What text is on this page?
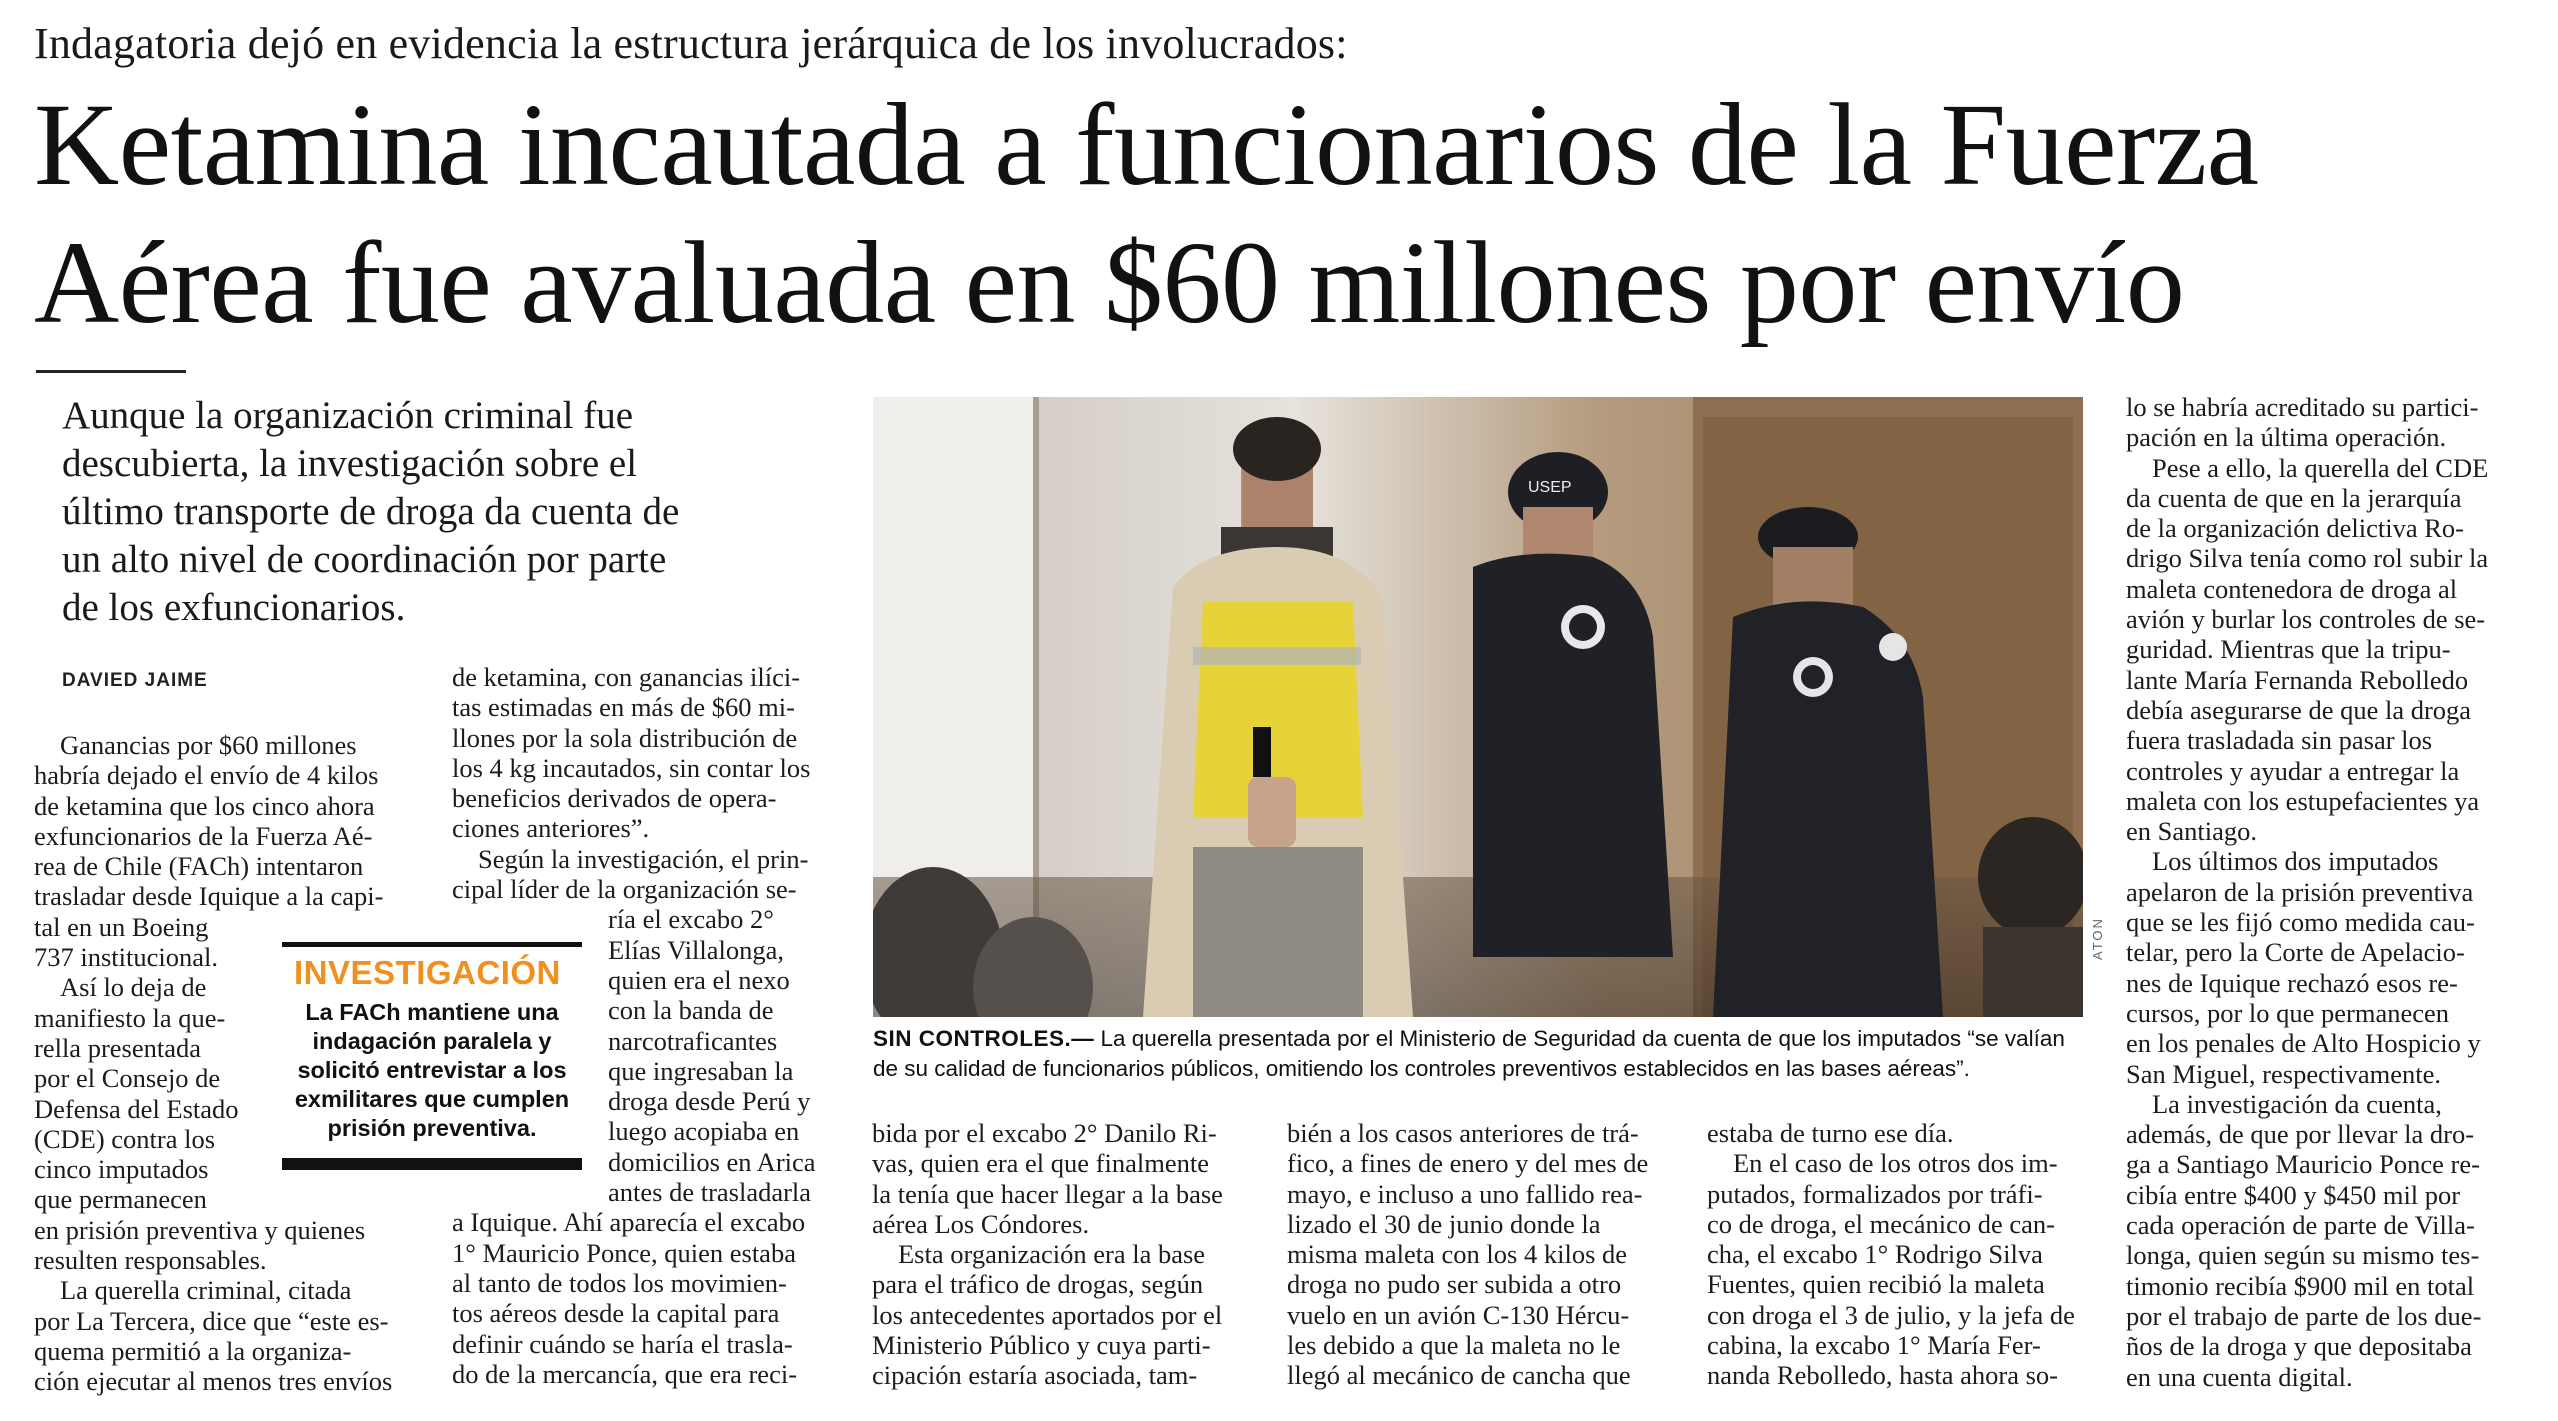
Indagatoria dejó en evidencia la estructura jerárquica de los involucrados:
Ketamina incautada a funcionarios de la Fuerza
Aérea fue avaluada en $60 millones por envío
Aunque la organización criminal fue
descubierta, la investigación sobre el
último transporte de droga da cuenta de
un alto nivel de coordinación por parte
de los exfuncionarios.
DAVIED JAIME
Ganancias por $60 millones
habría dejado el envío de 4 kilos
de ketamina que los cinco ahora
exfuncionarios de la Fuerza Aé-
rea de Chile (FACh) intentaron
trasladar desde Iquique a la capi-
tal en un Boeing
737 institucional.
Así lo deja de
manifiesto la que-
rella presentada
por el Consejo de
Defensa del Estado
(CDE) contra los
cinco imputados
que permanecen
en prisión preventiva y quienes
resulten responsables.
La querella criminal, citada
por La Tercera, dice que “este es-
quema permitió a la organiza-
ción ejecutar al menos tres envíos
de ketamina, con ganancias ilíci-
tas estimadas en más de $60 mi-
llones por la sola distribución de
los 4 kg incautados, sin contar los
beneficios derivados de opera-
ciones anteriores”.
Según la investigación, el prin-
cipal líder de la organización se-
ría el excabo 2°
Elías Villalonga,
quien era el nexo
con la banda de
narcotraficantes
que ingresaban la
droga desde Perú y
luego acopiaba en
domicilios en Arica
antes de trasladarla
a Iquique. Ahí aparecía el excabo
1° Mauricio Ponce, quien estaba
al tanto de todos los movimien-
tos aéreos desde la capital para
definir cuándo se haría el trasla-
do de la mercancía, que era reci-
INVESTIGACIÓN
La FACh mantiene una
indagación paralela y
solicitó entrevistar a los
exmilitares que cumplen
prisión preventiva.
USEP
ATON
SIN CONTROLES.— La querella presentada por el Ministerio de Seguridad da cuenta de que los imputados “se valían
de su calidad de funcionarios públicos, omitiendo los controles preventivos establecidos en las bases aéreas”.
bida por el excabo 2° Danilo Ri-
vas, quien era el que finalmente
la tenía que hacer llegar a la base
aérea Los Cóndores.
Esta organización era la base
para el tráfico de drogas, según
los antecedentes aportados por el
Ministerio Público y cuya parti-
cipación estaría asociada, tam-
bién a los casos anteriores de trá-
fico, a fines de enero y del mes de
mayo, e incluso a uno fallido rea-
lizado el 30 de junio donde la
misma maleta con los 4 kilos de
droga no pudo ser subida a otro
vuelo en un avión C-130 Hércu-
les debido a que la maleta no le
llegó al mecánico de cancha que
estaba de turno ese día.
En el caso de los otros dos im-
putados, formalizados por tráfi-
co de droga, el mecánico de can-
cha, el excabo 1° Rodrigo Silva
Fuentes, quien recibió la maleta
con droga el 3 de julio, y la jefa de
cabina, la excabo 1° María Fer-
nanda Rebolledo, hasta ahora so-
lo se habría acreditado su partici-
pación en la última operación.
Pese a ello, la querella del CDE
da cuenta de que en la jerarquía
de la organización delictiva Ro-
drigo Silva tenía como rol subir la
maleta contenedora de droga al
avión y burlar los controles de se-
guridad. Mientras que la tripu-
lante María Fernanda Rebolledo
debía asegurarse de que la droga
fuera trasladada sin pasar los
controles y ayudar a entregar la
maleta con los estupefacientes ya
en Santiago.
Los últimos dos imputados
apelaron de la prisión preventiva
que se les fijó como medida cau-
telar, pero la Corte de Apelacio-
nes de Iquique rechazó esos re-
cursos, por lo que permanecen
en los penales de Alto Hospicio y
San Miguel, respectivamente.
La investigación da cuenta,
además, de que por llevar la dro-
ga a Santiago Mauricio Ponce re-
cibía entre $400 y $450 mil por
cada operación de parte de Villa-
longa, quien según su mismo tes-
timonio recibía $900 mil en total
por el trabajo de parte de los due-
ños de la droga y que depositaba
en una cuenta digital.
